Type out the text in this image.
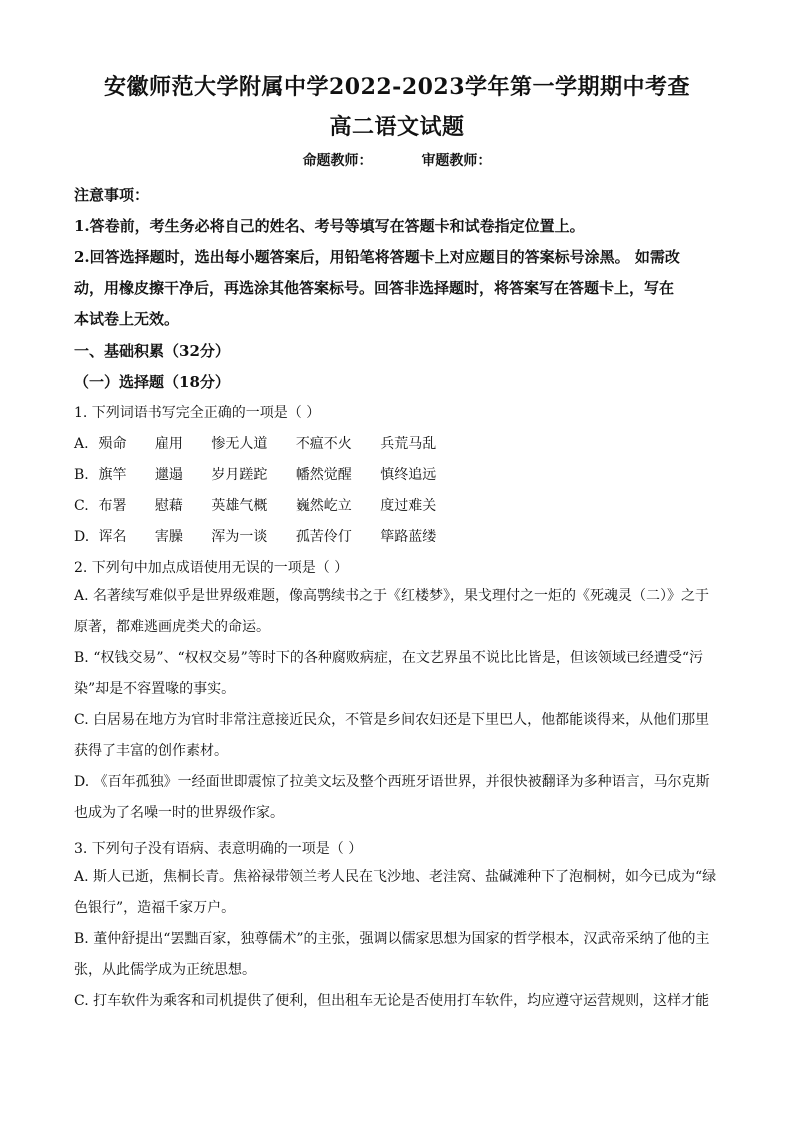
安徽师范大学附属中学2022-2023学年第一学期期中考查
高二语文试题
命题教师：	审题教师：
注意事项：
1.答卷前，考生务必将自己的姓名、考号等填写在答题卡和试卷指定位置上。
2.回答选择题时，选出每小题答案后，用铅笔将答题卡上对应题目的答案标号涂黑。 如需改
动，用橡皮擦干净后，再选涂其他答案标号。回答非选择题时，将答案写在答题卡上，写在
本试卷上无效。
一、基础积累（32分）
（一）选择题（18分）
1. 下列词语书写完全正确的一项是（ ）
A. 殒命 雇用 惨无人道 不瘟不火 兵荒马乱
B. 旗竿 邋遢 岁月蹉跎 幡然觉醒 慎终追远
C. 布署 慰藉 英雄气概 巍然屹立 度过难关
D. 诨名 害臊 浑为一谈 孤苦伶仃 筚路蓝缕
2. 下列句中加点成语使用无误的一项是（ ）
A. 名著续写难似乎是世界级难题，像高鹗续书之于《红楼梦》，果戈理付之一炬的《死魂灵（二）》之于原著，都难逃画虎类犬的命运。
B. “权钱交易”、“权权交易”等时下的各种腐败病症，在文艺界虽不说比比皆是，但该领域已经遭受“污染”却是不容置喙的事实。
C. 白居易在地方为官时非常注意接近民众，不管是乡间农妇还是下里巴人，他都能谈得来，从他们那里获得了丰富的创作素材。
D. 《百年孤独》一经面世即震惊了拉美文坛及整个西班牙语世界，并很快被翻译为多种语言，马尔克斯也成为了名噪一时的世界级作家。
3. 下列句子没有语病、表意明确的一项是（ ）
A. 斯人已逝，焦桐长青。焦裕禄带领兰考人民在飞沙地、老洼窝、盐碱滩种下了泡桐树，如今已成为“绿色银行”，造福千家万户。
B. 董仲舒提出“罢黜百家，独尊儒术”的主张，强调以儒家思想为国家的哲学根本，汉武帝采纳了他的主张，从此儒学成为正统思想。
C. 打车软件为乘客和司机提供了便利，但出租车无论是否使用打车软件，均应遵守运营规则，这样才能
